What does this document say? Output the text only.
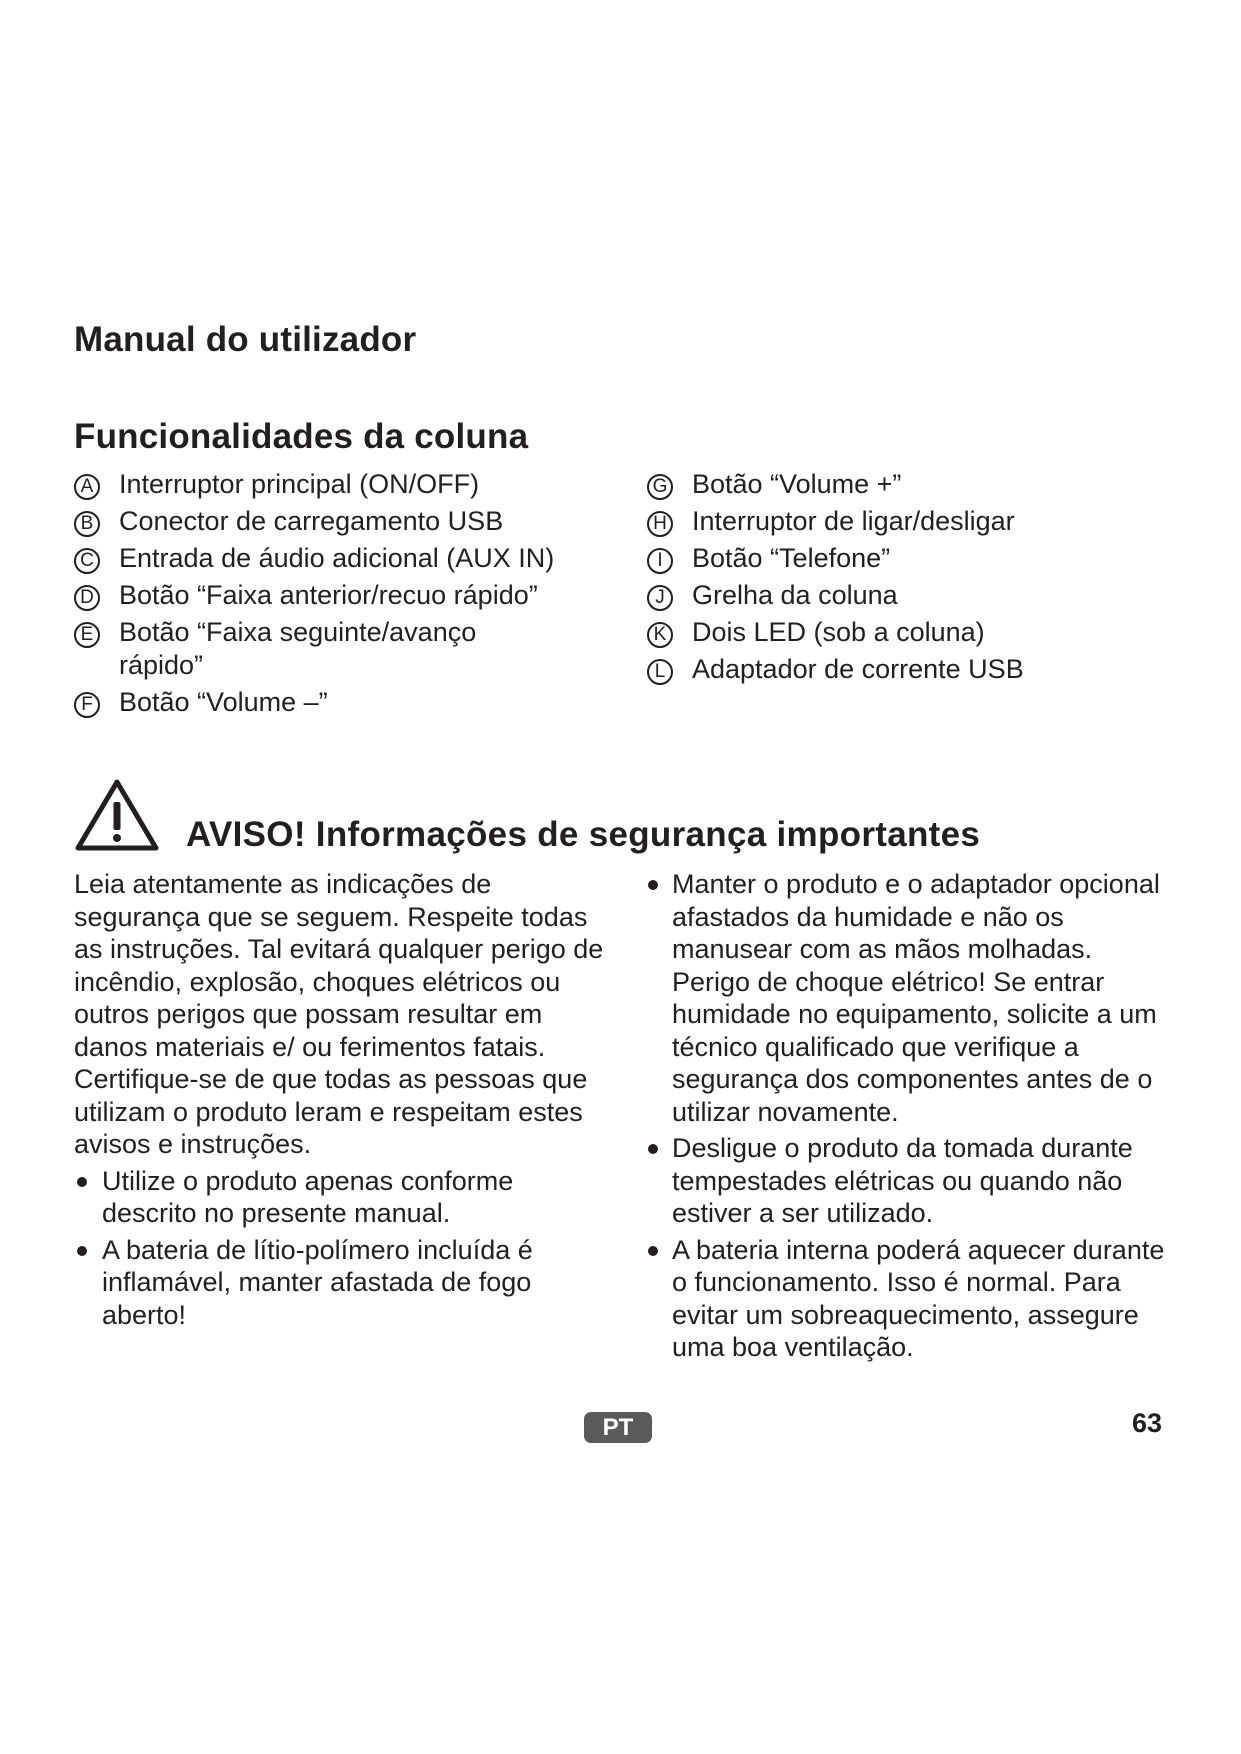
Manual do utilizador
Funcionalidades da coluna
A Interruptor principal (ON/OFF)
B Conector de carregamento USB
C Entrada de áudio adicional (AUX IN)
D Botão “Faixa anterior/recuo rápido”
E Botão “Faixa seguinte/avanço rápido”
F Botão “Volume –”
G Botão “Volume +”
H Interruptor de ligar/desligar
I	Botão “Telefone”
J	Grelha da coluna
K Dois LED (sob a coluna)
L Adaptador de corrente USB
AVISO! Informações de segurança importantes

Leia atentamente as indicações de segurança que se seguem. Respeite todas as instruções. Tal evitará qualquer perigo de incêndio, explosão, choques elétricos ou outros perigos que possam resultar em danos materiais e/ ou ferimentos fatais. Certifique-se de que todas as pessoas que utilizam o produto leram e respeitam estes avisos e instruções.

Utilize o produto apenas conforme descrito no presente manual.
A bateria de lítio-polímero incluída é inflamável, manter afastada de fogo aberto!
Manter o produto e o adaptador opcional afastados da humidade e não os manusear com as mãos molhadas. Perigo de choque elétrico! Se entrar humidade no equipamento, solicite a um técnico qualificado que verifique a segurança dos componentes antes de o utilizar novamente.
Desligue o produto da tomada durante tempestades elétricas ou quando não estiver a ser utilizado.
A bateria interna poderá aquecer durante o funcionamento. Isso é normal. Para evitar um sobreaquecimento, assegure uma boa ventilação.
PT	63
